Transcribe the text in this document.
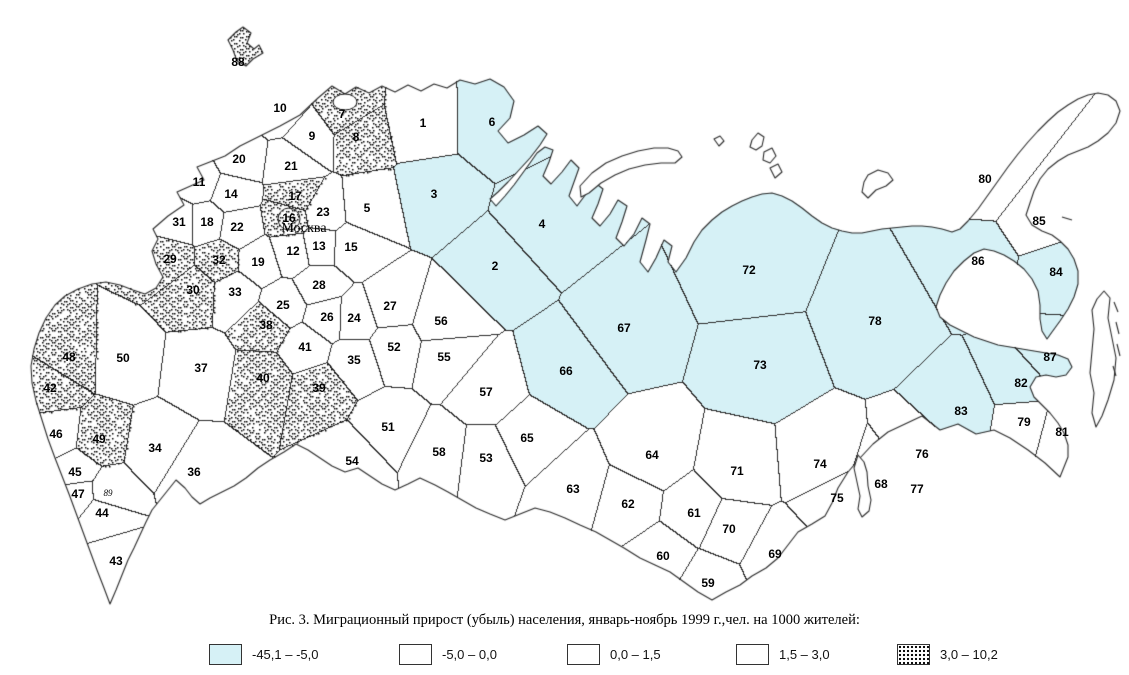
1
2
3
4
5
6
7
8
9
10
11
12 13
14
15
16
17
18
19
20	21
22
23
24
25
26
27
28
29
30
31
32
33
34
35
36
37
38
39
40
41
42
43
44
45
46
47
48
49
50
51
52
53
54
55
56
57
58
59
60
61
62
63
64
65
66
67
68
69
70
71
72
73
74
75
76
77
78
79
80
81
82
83
84
85
86
87
88
89
Москва
Рис. 3. Миграционный прирост (убыль) населения, январь-ноябрь 1999 г.,чел. на 1000 жителей:
-45,1 – -5,0	-5,0 – 0,0	0,0 – 1,5	1,5 – 3,0	3,0 – 10,2
